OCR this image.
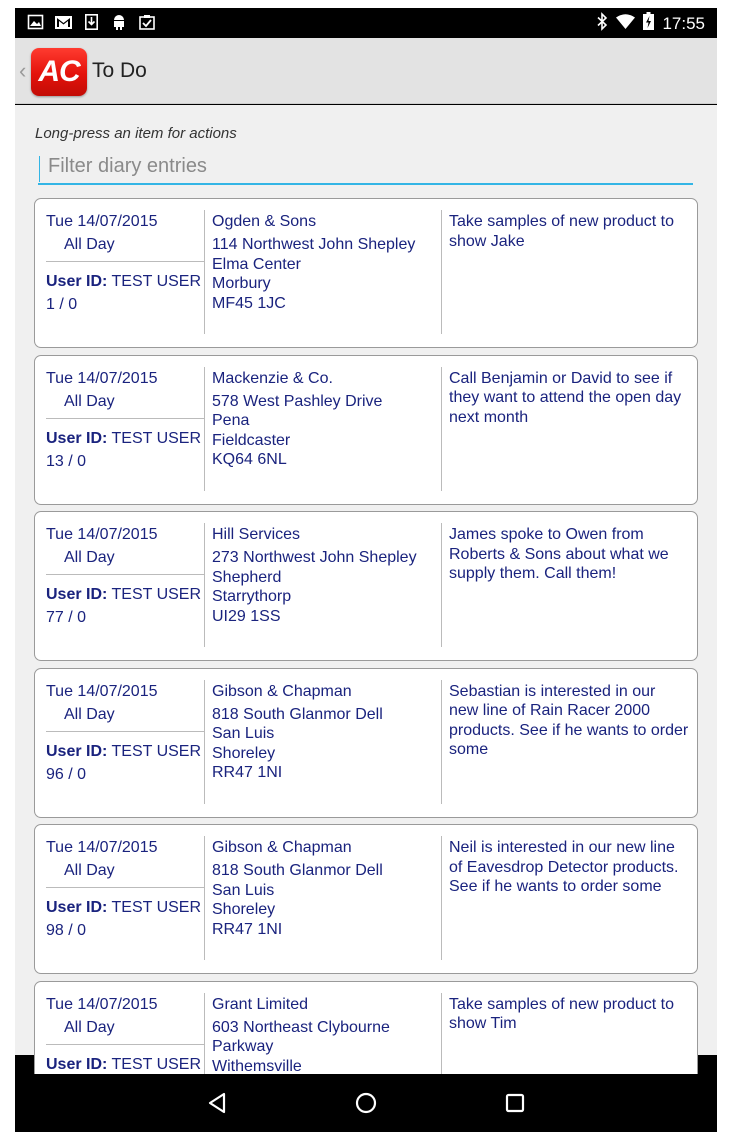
17:55
‹ AC To Do
Long-press an item for actions
Filter diary entries
Tue 14/07/2015
All Day
User ID: TEST USER
1 / 0
Ogden & Sons
114 Northwest John Shepley
Elma Center
Morbury
MF45 1JC
Take samples of new product to show Jake
Tue 14/07/2015
All Day
User ID: TEST USER
13 / 0
Mackenzie & Co.
578 West Pashley Drive
Pena
Fieldcaster
KQ64 6NL
Call Benjamin or David to see if they want to attend the open day next month
Tue 14/07/2015
All Day
User ID: TEST USER
77 / 0
Hill Services
273 Northwest John Shepley
Shepherd
Starrythorp
UI29 1SS
James spoke to Owen from Roberts & Sons about what we supply them. Call them!
Tue 14/07/2015
All Day
User ID: TEST USER
96 / 0
Gibson & Chapman
818 South Glanmor Dell
San Luis
Shoreley
RR47 1NI
Sebastian is interested in our new line of Rain Racer 2000 products. See if he wants to order some
Tue 14/07/2015
All Day
User ID: TEST USER
98 / 0
Gibson & Chapman
818 South Glanmor Dell
San Luis
Shoreley
RR47 1NI
Neil is interested in our new line of Eavesdrop Detector products. See if he wants to order some
Tue 14/07/2015
All Day
User ID: TEST USER
Grant Limited
603 Northeast Clybourne
Parkway
Withemsville
Take samples of new product to show Tim
